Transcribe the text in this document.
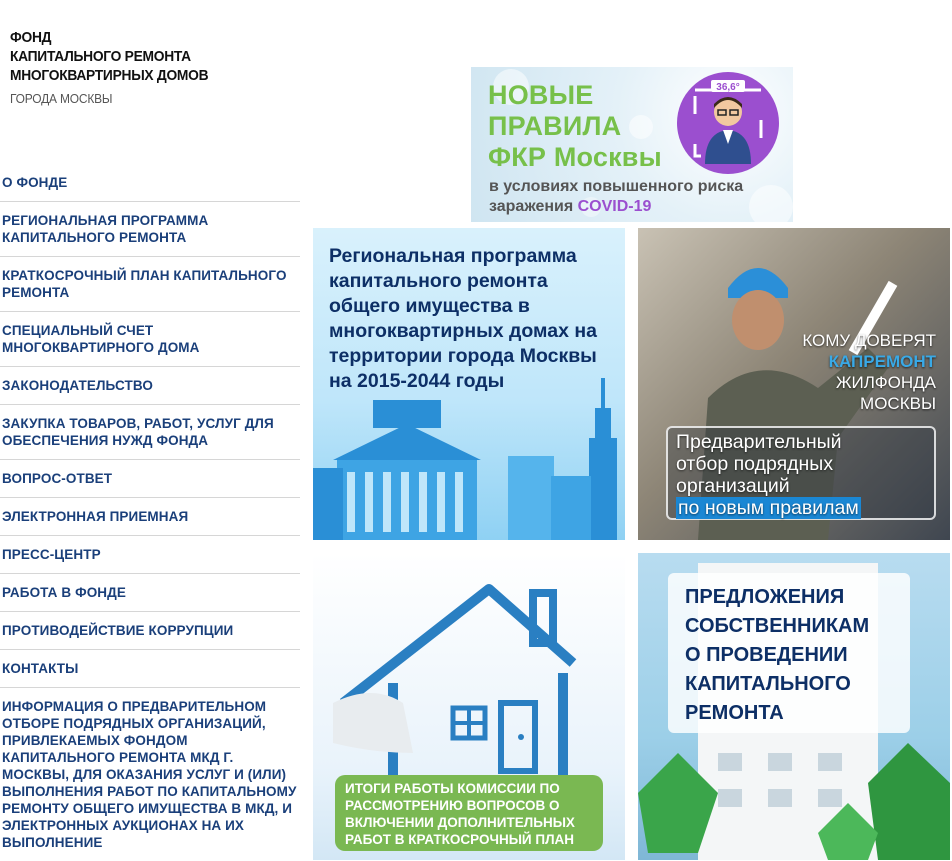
ФОНД
КАПИТАЛЬНОГО РЕМОНТА
МНОГОКВАРТИРНЫХ ДОМОВ
ГОРОДА МОСКВЫ
О ФОНДЕ
РЕГИОНАЛЬНАЯ ПРОГРАММА КАПИТАЛЬНОГО РЕМОНТА
КРАТКОСРОЧНЫЙ ПЛАН КАПИТАЛЬНОГО РЕМОНТА
СПЕЦИАЛЬНЫЙ СЧЕТ МНОГОКВАРТИРНОГО ДОМА
ЗАКОНОДАТЕЛЬСТВО
ЗАКУПКА ТОВАРОВ, РАБОТ, УСЛУГ ДЛЯ ОБЕСПЕЧЕНИЯ НУЖД ФОНДА
ВОПРОС-ОТВЕТ
ЭЛЕКТРОННАЯ ПРИЕМНАЯ
ПРЕСС-ЦЕНТР
РАБОТА В ФОНДЕ
ПРОТИВОДЕЙСТВИЕ КОРРУПЦИИ
КОНТАКТЫ
ИНФОРМАЦИЯ О ПРЕДВАРИТЕЛЬНОМ ОТБОРЕ ПОДРЯДНЫХ ОРГАНИЗАЦИЙ, ПРИВЛЕКАЕМЫХ ФОНДОМ КАПИТАЛЬНОГО РЕМОНТА МКД Г. МОСКВЫ, ДЛЯ ОКАЗАНИЯ УСЛУГ И (ИЛИ) ВЫПОЛНЕНИЯ РАБОТ ПО КАПИТАЛЬНОМУ РЕМОНТУ ОБЩЕГО ИМУЩЕСТВА В МКД, И ЭЛЕКТРОННЫХ АУКЦИОНАХ НА ИХ ВЫПОЛНЕНИЕ
НОВЫЕ
ПРАВИЛА
ФКР Москвы
36,6°
в условиях повышенного риска
заражения COVID-19
Региональная программа капитального ремонта общего имущества в многоквартирных домах на территории города Москвы на 2015-2044 годы
КОМУ ДОВЕРЯТ
КАПРЕМОНТ
ЖИЛФОНДА
МОСКВЫ
Предварительный
отбор подрядных
организаций
по новым правилам
ИТОГИ РАБОТЫ КОМИССИИ ПО РАССМОТРЕНИЮ ВОПРОСОВ О ВКЛЮЧЕНИИ ДОПОЛНИТЕЛЬНЫХ РАБОТ В КРАТКОСРОЧНЫЙ ПЛАН
ПРЕДЛОЖЕНИЯ
СОБСТВЕННИКАМ
О ПРОВЕДЕНИИ
КАПИТАЛЬНОГО
РЕМОНТА
